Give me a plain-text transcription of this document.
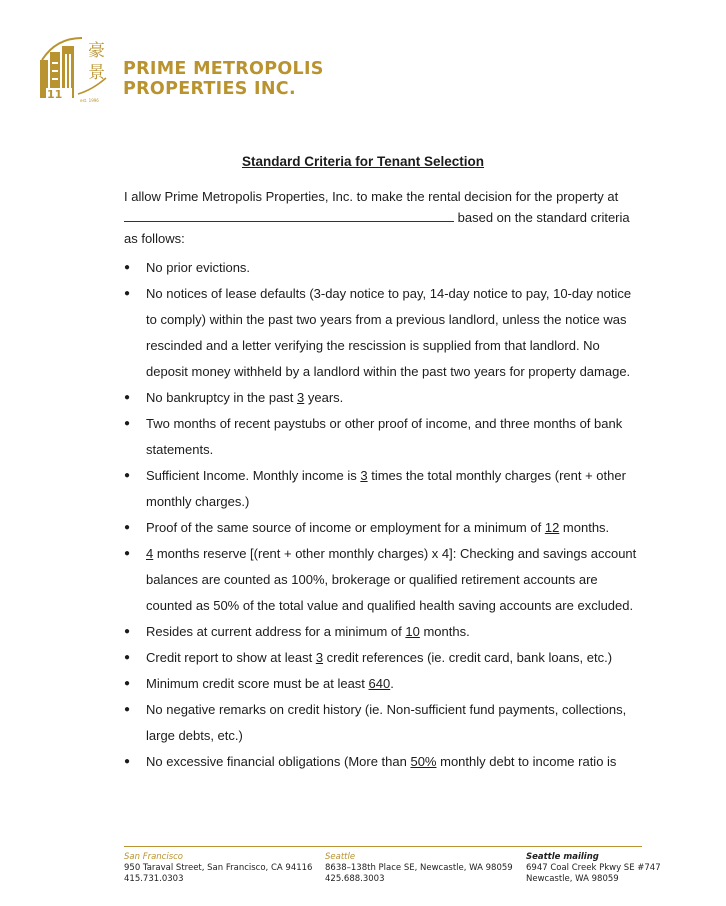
11
豪
景
est. 1996
PRIME METROPOLIS
PROPERTIES INC.
Standard Criteria for Tenant Selection
I allow Prime Metropolis Properties, Inc. to make the rental decision for the property at
based on the standard criteria
as follows:
●	No prior evictions.
●	No notices of lease defaults (3-day notice to pay, 14-day notice to pay, 10-day notice to comply) within the past two years from a previous landlord, unless the notice was rescinded and a letter verifying the rescission is supplied from that landlord. No deposit money withheld by a landlord within the past two years for property damage.
●	No bankruptcy in the past 3 years.
●	Two months of recent paystubs or other proof of income, and three months of bank statements.
●	Sufficient Income. Monthly income is 3 times the total monthly charges (rent + other monthly charges.)
●	Proof of the same source of income or employment for a minimum of 12 months.
●	4 months reserve [(rent + other monthly charges) x 4]: Checking and savings account balances are counted as 100%, brokerage or qualified retirement accounts are counted as 50% of the total value and qualified health saving accounts are excluded.
●	Resides at current address for a minimum of 10 months.
●	Credit report to show at least 3 credit references (ie. credit card, bank loans, etc.)
●	Minimum credit score must be at least 640.
●	No negative remarks on credit history (ie. Non-sufficient fund payments, collections, large debts, etc.)
●	No excessive financial obligations (More than 50% monthly debt to income ratio is
San Francisco
950 Taraval Street, San Francisco, CA 94116
415.731.0303
Seattle
8638–138th Place SE, Newcastle, WA 98059
425.688.3003
Seattle mailing
6947 Coal Creek Pkwy SE #747
Newcastle, WA 98059
